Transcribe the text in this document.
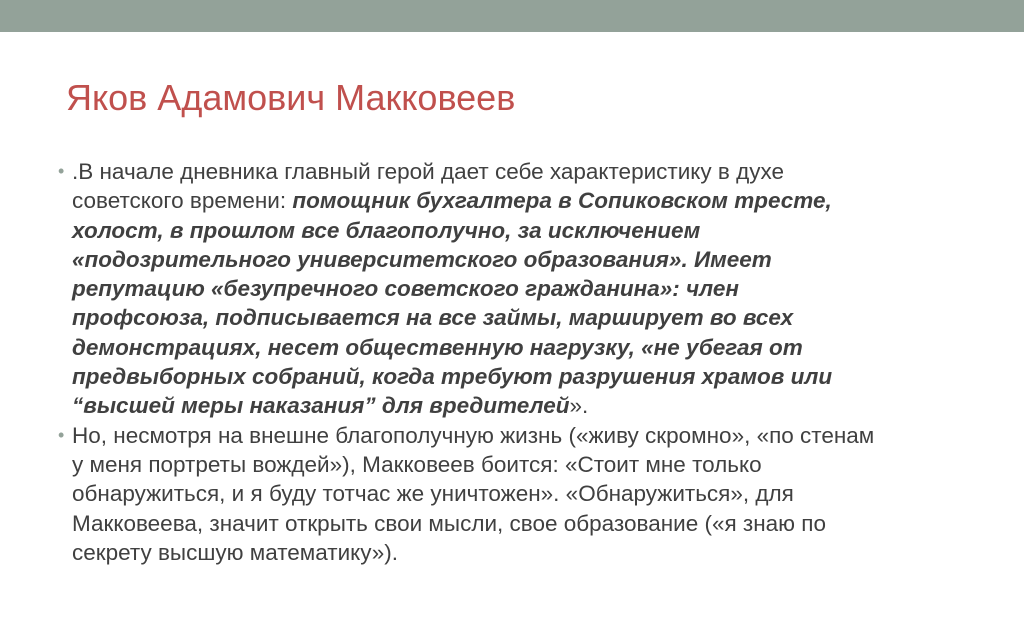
Яков Адамович Макковеев
• .В начале дневника главный герой дает себе характеристику в духе
советского времени: помощник бухгалтера в Сопиковском тресте,
холост, в прошлом все благополучно, за исключением
«подозрительного университетского образования». Имеет
репутацию «безупречного советского гражданина»: член
профсоюза, подписывается на все займы, марширует во всех
демонстрациях, несет общественную нагрузку, «не убегая от
предвыборных собраний, когда требуют разрушения храмов или
“высшей меры наказания” для вредителей».
• Но, несмотря на внешне благополучную жизнь («живу скромно», «по стенам
у меня портреты вождей»), Макковеев боится: «Стоит мне только
обнаружиться, и я буду тотчас же уничтожен». «Обнаружиться», для
Макковеева, значит открыть свои мысли, свое образование («я знаю по
секрету высшую математику»).
